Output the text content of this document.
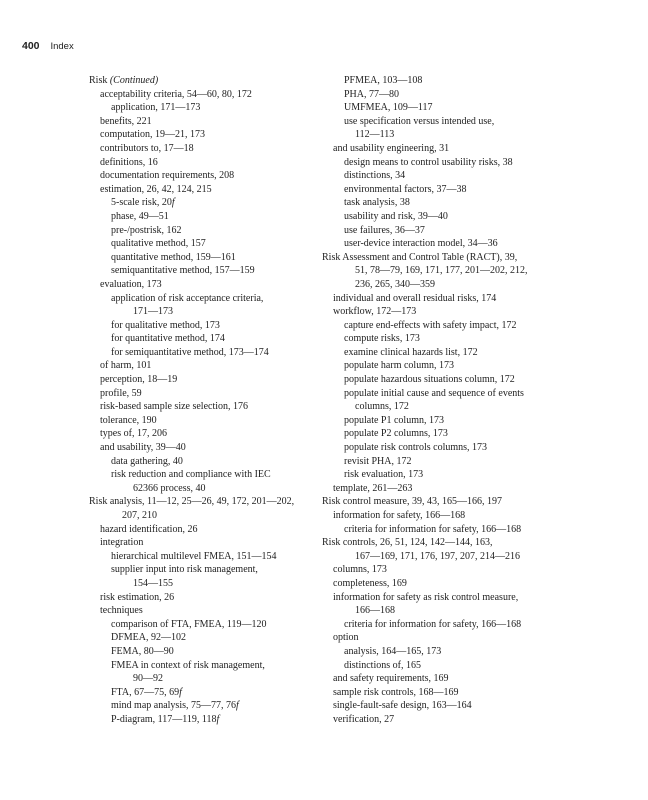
400 Index
Risk (Continued)
acceptability criteria, 54—60, 80, 172
application, 171—173
benefits, 221
computation, 19—21, 173
contributors to, 17—18
definitions, 16
documentation requirements, 208
estimation, 26, 42, 124, 215
5-scale risk, 20f
phase, 49—51
pre-/postrisk, 162
qualitative method, 157
quantitative method, 159—161
semiquantitative method, 157—159
evaluation, 173
application of risk acceptance criteria,
171—173
for qualitative method, 173
for quantitative method, 174
for semiquantitative method, 173—174
of harm, 101
perception, 18—19
profile, 59
risk-based sample size selection, 176
tolerance, 190
types of, 17, 206
and usability, 39—40
data gathering, 40
risk reduction and compliance with IEC
62366 process, 40
Risk analysis, 11—12, 25—26, 49, 172, 201—202,
207, 210
hazard identification, 26
integration
hierarchical multilevel FMEA, 151—154
supplier input into risk management,
154—155
risk estimation, 26
techniques
comparison of FTA, FMEA, 119—120
DFMEA, 92—102
FEMA, 80—90
FMEA in context of risk management,
90—92
FTA, 67—75, 69f
mind map analysis, 75—77, 76f
P-diagram, 117—119, 118f
PFMEA, 103—108
PHA, 77—80
UMFMEA, 109—117
use specification versus intended use,
112—113
and usability engineering, 31
design means to control usability risks, 38
distinctions, 34
environmental factors, 37—38
task analysis, 38
usability and risk, 39—40
use failures, 36—37
user-device interaction model, 34—36
Risk Assessment and Control Table (RACT), 39,
51, 78—79, 169, 171, 177, 201—202, 212,
236, 265, 340—359
individual and overall residual risks, 174
workflow, 172—173
capture end-effects with safety impact, 172
compute risks, 173
examine clinical hazards list, 172
populate harm column, 173
populate hazardous situations column, 172
populate initial cause and sequence of events
columns, 172
populate P1 column, 173
populate P2 columns, 173
populate risk controls columns, 173
revisit PHA, 172
risk evaluation, 173
template, 261—263
Risk control measure, 39, 43, 165—166, 197
information for safety, 166—168
criteria for information for safety, 166—168
Risk controls, 26, 51, 124, 142—144, 163,
167—169, 171, 176, 197, 207, 214—216
columns, 173
completeness, 169
information for safety as risk control measure,
166—168
criteria for information for safety, 166—168
option
analysis, 164—165, 173
distinctions of, 165
and safety requirements, 169
sample risk controls, 168—169
single-fault-safe design, 163—164
verification, 27
